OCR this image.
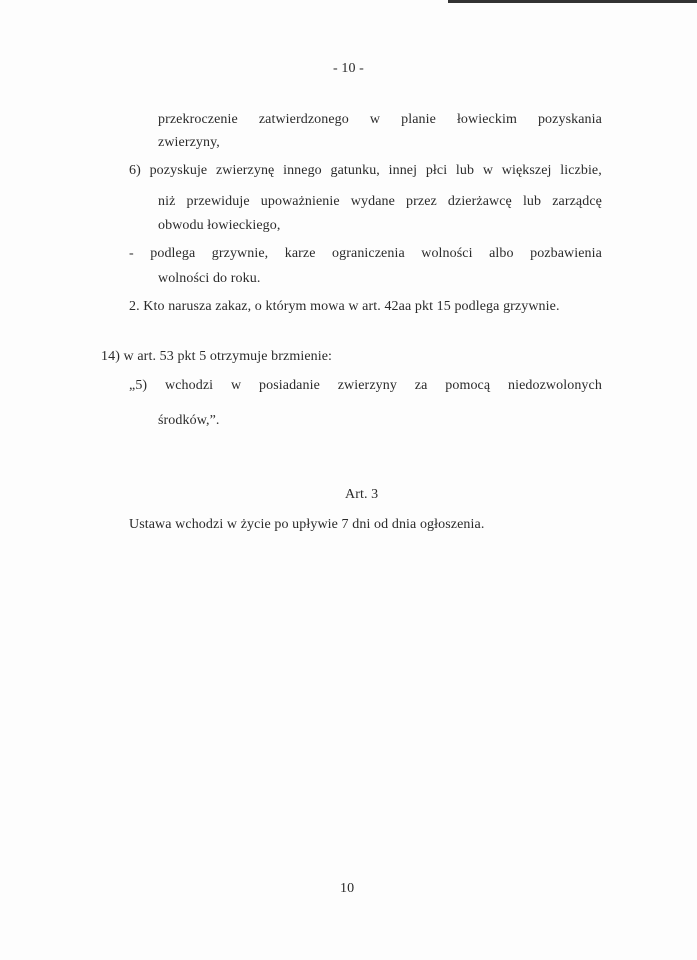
- 10 -
przekroczenie zatwierdzonego w planie łowieckim pozyskania
zwierzyny,
6) pozyskuje zwierzynę innego gatunku, innej płci lub w większej liczbie,
niż przewiduje upoważnienie wydane przez dzierżawcę lub zarządcę
obwodu łowieckiego,
- podlega grzywnie, karze ograniczenia wolności albo pozbawienia
wolności do roku.
2. Kto narusza zakaz, o którym mowa w art. 42aa pkt 15 podlega grzywnie.
14) w art. 53 pkt 5 otrzymuje brzmienie:
„5) wchodzi w posiadanie zwierzyny za pomocą niedozwolonych
środków,”.
Art. 3
Ustawa wchodzi w życie po upływie 7 dni od dnia ogłoszenia.
10
